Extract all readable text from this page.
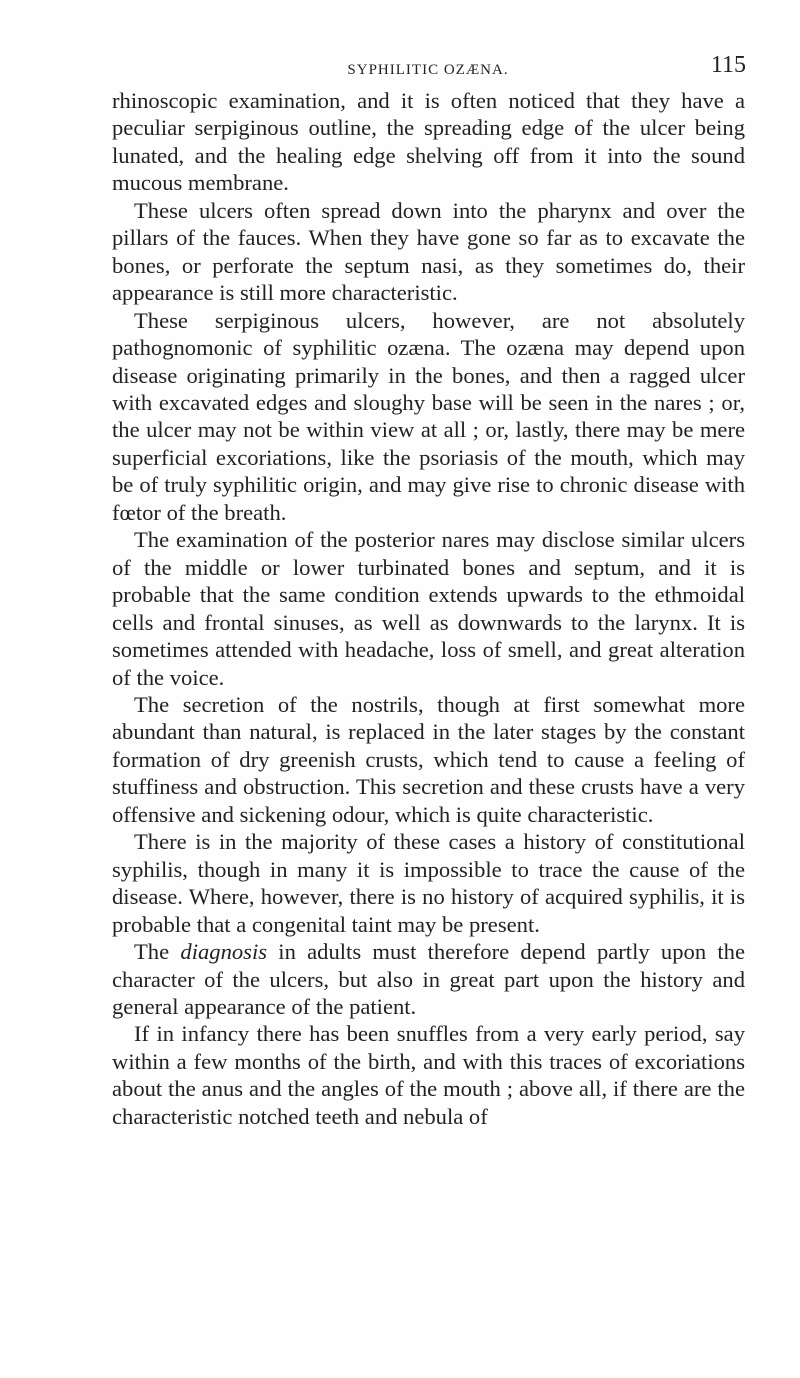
SYPHILITIC OZÆNA.	115

rhinoscopic examination, and it is often noticed that they have a peculiar serpiginous outline, the spreading edge of the ulcer being lunated, and the healing edge shelving off from it into the sound mucous membrane.

These ulcers often spread down into the pharynx and over the pillars of the fauces. When they have gone so far as to excavate the bones, or perforate the septum nasi, as they sometimes do, their appearance is still more characteristic.

These serpiginous ulcers, however, are not absolutely pathognomonic of syphilitic ozæna. The ozæna may depend upon disease originating primarily in the bones, and then a ragged ulcer with excavated edges and sloughy base will be seen in the nares ; or, the ulcer may not be within view at all ; or, lastly, there may be mere superficial excoriations, like the psoriasis of the mouth, which may be of truly syphilitic origin, and may give rise to chronic disease with fœtor of the breath.

The examination of the posterior nares may disclose similar ulcers of the middle or lower turbinated bones and septum, and it is probable that the same condition extends upwards to the ethmoidal cells and frontal sinuses, as well as downwards to the larynx. It is sometimes attended with headache, loss of smell, and great alteration of the voice.

The secretion of the nostrils, though at first somewhat more abundant than natural, is replaced in the later stages by the constant formation of dry greenish crusts, which tend to cause a feeling of stuffiness and obstruction. This secretion and these crusts have a very offensive and sickening odour, which is quite characteristic.

There is in the majority of these cases a history of constitutional syphilis, though in many it is impossible to trace the cause of the disease. Where, however, there is no history of acquired syphilis, it is probable that a congenital taint may be present.

The diagnosis in adults must therefore depend partly upon the character of the ulcers, but also in great part upon the history and general appearance of the patient.

If in infancy there has been snuffles from a very early period, say within a few months of the birth, and with this traces of excoriations about the anus and the angles of the mouth ; above all, if there are the characteristic notched teeth and nebula of
